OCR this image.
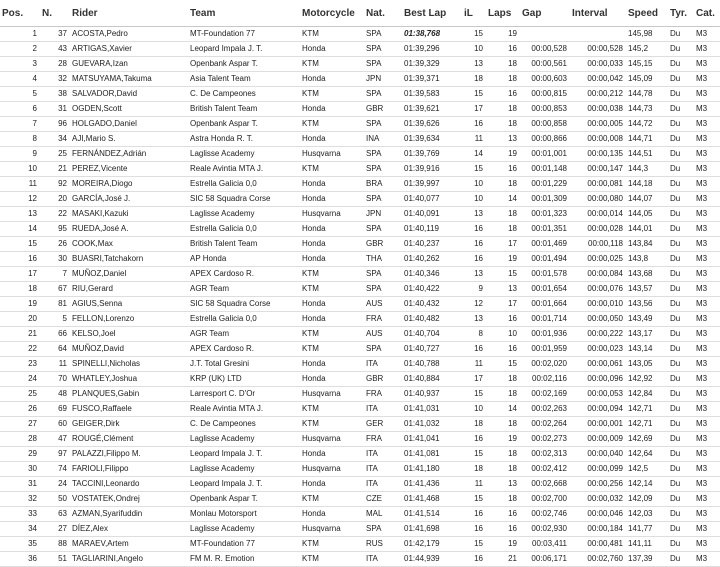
Pos.	N.	Rider	Team	Motorcycle	Nat.	Best Lap	iL	Laps	Gap	Interval	Speed	Tyr.	Cat.
1	37	ACOSTA,Pedro	MT-Foundation 77	KTM	SPA	01:38,768	15	19			145,98	Du	M3
2	43	ARTIGAS,Xavier	Leopard Impala J. T.	Honda	SPA	01:39,296	10	16	00:00,528	00:00,528	145,2	Du	M3
3	28	GUEVARA,Izan	Openbank Aspar T.	KTM	SPA	01:39,329	13	18	00:00,561	00:00,033	145,15	Du	M3
4	32	MATSUYAMA,Takuma	Asia Talent Team	Honda	JPN	01:39,371	18	18	00:00,603	00:00,042	145,09	Du	M3
5	38	SALVADOR,David	C. De Campeones	KTM	SPA	01:39,583	15	16	00:00,815	00:00,212	144,78	Du	M3
6	31	OGDEN,Scott	British Talent Team	Honda	GBR	01:39,621	17	18	00:00,853	00:00,038	144,73	Du	M3
7	96	HOLGADO,Daniel	Openbank Aspar T.	KTM	SPA	01:39,626	16	18	00:00,858	00:00,005	144,72	Du	M3
8	34	AJI,Mario S.	Astra Honda R. T.	Honda	INA	01:39,634	11	13	00:00,866	00:00,008	144,71	Du	M3
9	25	FERNÁNDEZ,Adrián	Laglisse Academy	Husqvarna	SPA	01:39,769	14	19	00:01,001	00:00,135	144,51	Du	M3
10	21	PEREZ,Vicente	Reale Avintia MTA J.	KTM	SPA	01:39,916	15	16	00:01,148	00:00,147	144,3	Du	M3
11	92	MOREIRA,Diogo	Estrella Galicia 0,0	Honda	BRA	01:39,997	10	18	00:01,229	00:00,081	144,18	Du	M3
12	20	GARCÍA,José J.	SIC 58 Squadra Corse	Honda	SPA	01:40,077	10	14	00:01,309	00:00,080	144,07	Du	M3
13	22	MASAKI,Kazuki	Laglisse Academy	Husqvarna	JPN	01:40,091	13	18	00:01,323	00:00,014	144,05	Du	M3
14	95	RUEDA,José A.	Estrella Galicia 0,0	Honda	SPA	01:40,119	16	18	00:01,351	00:00,028	144,01	Du	M3
15	26	COOK,Max	British Talent Team	Honda	GBR	01:40,237	16	17	00:01,469	00:00,118	143,84	Du	M3
16	30	BUASRI,Tatchakorn	AP Honda	Honda	THA	01:40,262	16	19	00:01,494	00:00,025	143,8	Du	M3
17	7	MUÑOZ,Daniel	APEX Cardoso R.	KTM	SPA	01:40,346	13	15	00:01,578	00:00,084	143,68	Du	M3
18	67	RIU,Gerard	AGR Team	KTM	SPA	01:40,422	9	13	00:01,654	00:00,076	143,57	Du	M3
19	81	AGIUS,Senna	SIC 58 Squadra Corse	Honda	AUS	01:40,432	12	17	00:01,664	00:00,010	143,56	Du	M3
20	5	FELLON,Lorenzo	Estrella Galicia 0,0	Honda	FRA	01:40,482	13	16	00:01,714	00:00,050	143,49	Du	M3
21	66	KELSO,Joel	AGR Team	KTM	AUS	01:40,704	8	10	00:01,936	00:00,222	143,17	Du	M3
22	64	MUÑOZ,David	APEX Cardoso R.	KTM	SPA	01:40,727	16	16	00:01,959	00:00,023	143,14	Du	M3
23	11	SPINELLI,Nicholas	J.T. Total Gresini	Honda	ITA	01:40,788	11	15	00:02,020	00:00,061	143,05	Du	M3
24	70	WHATLEY,Joshua	KRP (UK) LTD	Honda	GBR	01:40,884	17	18	00:02,116	00:00,096	142,92	Du	M3
25	48	PLANQUES,Gabin	Larresport C. D'Or	Husqvarna	FRA	01:40,937	15	18	00:02,169	00:00,053	142,84	Du	M3
26	69	FUSCO,Raffaele	Reale Avintia MTA J.	KTM	ITA	01:41,031	10	14	00:02,263	00:00,094	142,71	Du	M3
27	60	GEIGER,Dirk	C. De Campeones	KTM	GER	01:41,032	18	18	00:02,264	00:00,001	142,71	Du	M3
28	47	ROUGÉ,Clément	Laglisse Academy	Husqvarna	FRA	01:41,041	16	19	00:02,273	00:00,009	142,69	Du	M3
29	97	PALAZZI,Filippo M.	Leopard Impala J. T.	Honda	ITA	01:41,081	15	18	00:02,313	00:00,040	142,64	Du	M3
30	74	FARIOLI,Filippo	Laglisse Academy	Husqvarna	ITA	01:41,180	18	18	00:02,412	00:00,099	142,5	Du	M3
31	24	TACCINI,Leonardo	Leopard Impala J. T.	Honda	ITA	01:41,436	11	13	00:02,668	00:00,256	142,14	Du	M3
32	50	VOSTATEK,Ondrej	Openbank Aspar T.	KTM	CZE	01:41,468	15	18	00:02,700	00:00,032	142,09	Du	M3
33	63	AZMAN,Syarifuddin	Monlau Motorsport	Honda	MAL	01:41,514	16	16	00:02,746	00:00,046	142,03	Du	M3
34	27	DÍEZ,Alex	Laglisse Academy	Husqvarna	SPA	01:41,698	16	16	00:02,930	00:00,184	141,77	Du	M3
35	88	MARAEV,Artem	MT-Foundation 77	KTM	RUS	01:42,179	15	19	00:03,411	00:00,481	141,11	Du	M3
36	51	TAGLIARINI,Angelo	FM M. R. Emotion	KTM	ITA	01:44,939	16	21	00:06,171	00:02,760	137,39	Du	M3
